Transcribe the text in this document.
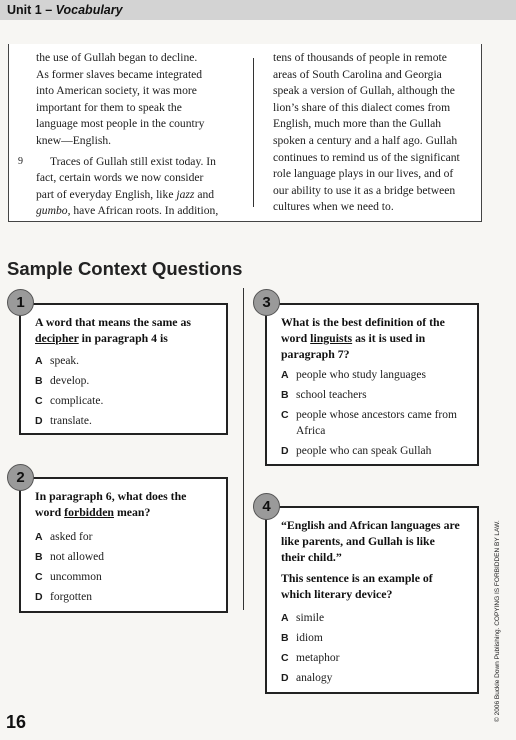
Unit 1 – Vocabulary

the use of Gullah began to decline.

As former slaves became integrated

into American society, it was more

important for them to speak the

language most people in the country

knew—English.

9 Traces of Gullah still exist today. In

fact, certain words we now consider

part of everyday English, like jazz and

gumbo, have African roots. In addition,

tens of thousands of people in remote

areas of South Carolina and Georgia

speak a version of Gullah, although the

lion’s share of this dialect comes from

English, much more than the Gullah

spoken a century and a half ago. Gullah

continues to remind us of the significant

role language plays in our lives, and of

our ability to use it as a bridge between

cultures when we need to.

Sample Context Questions
A word that means the same as
decipher in paragraph 4 is
A speak.
B develop.
C complicate.
D translate.
1
In paragraph 6, what does the
word forbidden mean?
A asked for
B not allowed
C uncommon
D forgotten
2
What is the best definition of the
word linguists as it is used in
paragraph 7?
A people who study languages
B school teachers
C people whose ancestors came from
Africa
D people who can speak Gullah
3
“English and African languages are
like parents, and Gullah is like
their child.”
This sentence is an example of
which literary device?
A simile
B idiom
C metaphor
D analogy
4
16	© 2006 Buckle Down Publishing. COPYING IS FORBIDDEN BY LAW.
